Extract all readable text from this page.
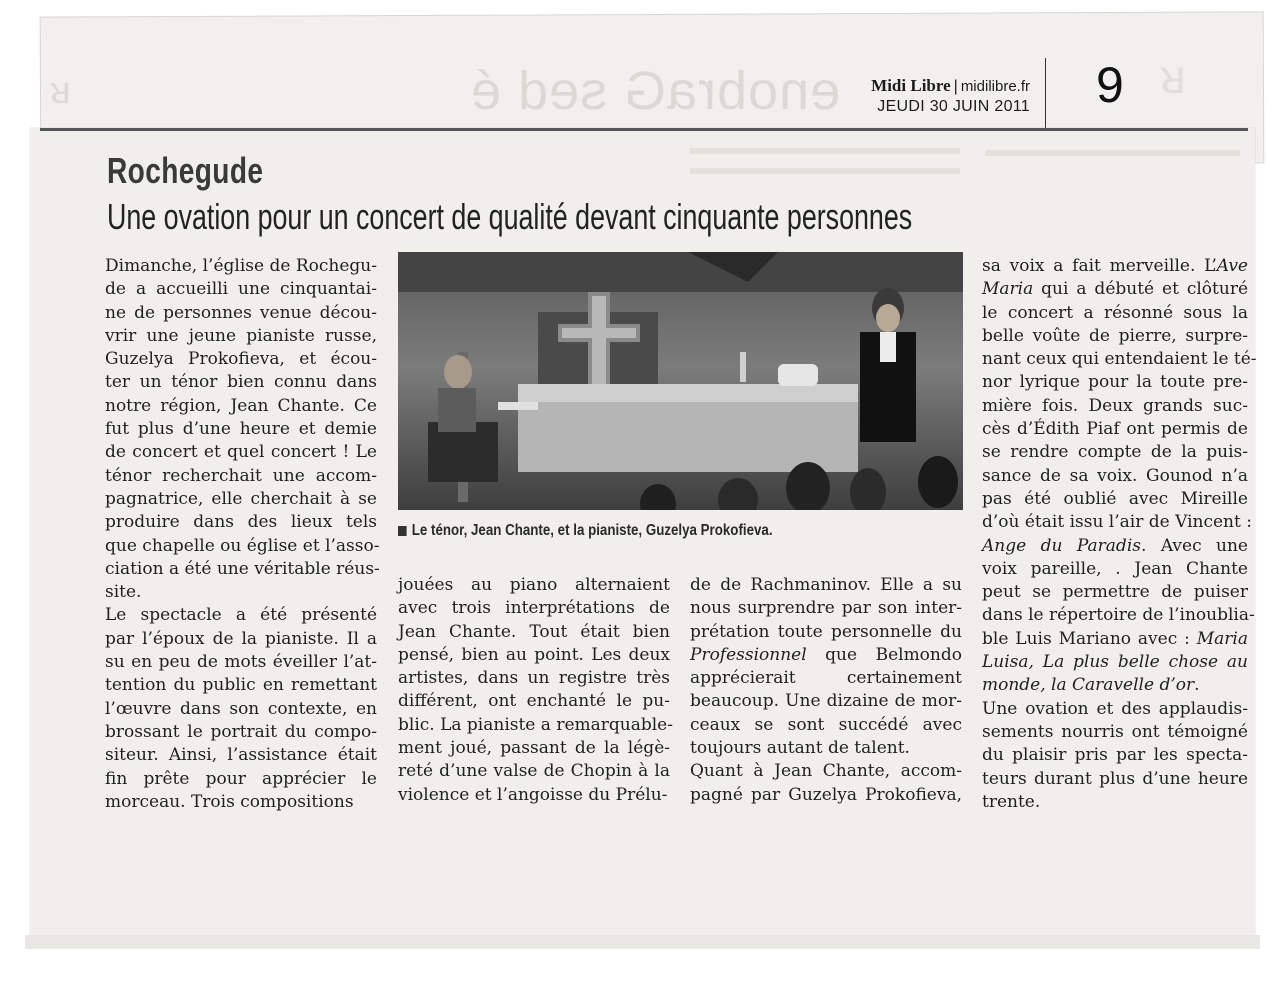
enobra​G sed é	ᴚ
ᴚ	Midi Libre | midilibre.fr
JEUDI 30 JUIN 2011 9
Rochegude
Une ovation pour un concert de qualité devant cinquante personnes
Dimanche, l’église de Rochegu-
de a accueilli une cinquantai-
ne de personnes venue décou-
vrir une jeune pianiste russe,
Guzelya Prokofieva, et écou-
ter un ténor bien connu dans
notre région, Jean Chante. Ce
fut plus d’une heure et demie
de concert et quel concert ! Le
ténor recherchait une accom-
pagnatrice, elle cherchait à se
produire dans des lieux tels
que chapelle ou église et l’asso-
ciation a été une véritable réus-
site.
Le spectacle a été présenté
par l’époux de la pianiste. Il a
su en peu de mots éveiller l’at-
tention du public en remettant
l’œuvre dans son contexte, en
brossant le portrait du compo-
siteur. Ainsi, l’assistance était
fin prête pour apprécier le
morceau. Trois compositions
Le ténor, Jean Chante, et la pianiste, Guzelya Prokofieva.
jouées au piano alternaient
avec trois interprétations de
Jean Chante. Tout était bien
pensé, bien au point. Les deux
artistes, dans un registre très
différent, ont enchanté le pu-
blic. La pianiste a remarquable-
ment joué, passant de la légè-
reté d’une valse de Chopin à la
violence et l’angoisse du Prélu-
de de Rachmaninov. Elle a su
nous surprendre par son inter-
prétation toute personnelle du
Professionnel que Belmondo
apprécierait        certainement
beaucoup. Une dizaine de mor-
ceaux se sont succédé avec
toujours autant de talent.
Quant à Jean Chante, accom-
pagné par Guzelya Prokofieva,
sa voix a fait merveille. L’Ave
Maria qui a débuté et clôturé
le concert a résonné sous la
belle voûte de pierre, surpre-
nant ceux qui entendaient le té-
nor lyrique pour la toute pre-
mière fois. Deux grands suc-
cès d’Édith Piaf ont permis de
se rendre compte de la puis-
sance de sa voix. Gounod n’a
pas été oublié avec Mireille
d’où était issu l’air de Vincent :
Ange du Paradis. Avec une
voix pareille, . Jean Chante
peut se permettre de puiser
dans le répertoire de l’inoublia-
ble Luis Mariano avec : Maria
Luisa, La plus belle chose au
monde, la Caravelle d’or.
Une ovation et des applaudis-
sements nourris ont témoigné
du plaisir pris par les specta-
teurs durant plus d’une heure
trente.
